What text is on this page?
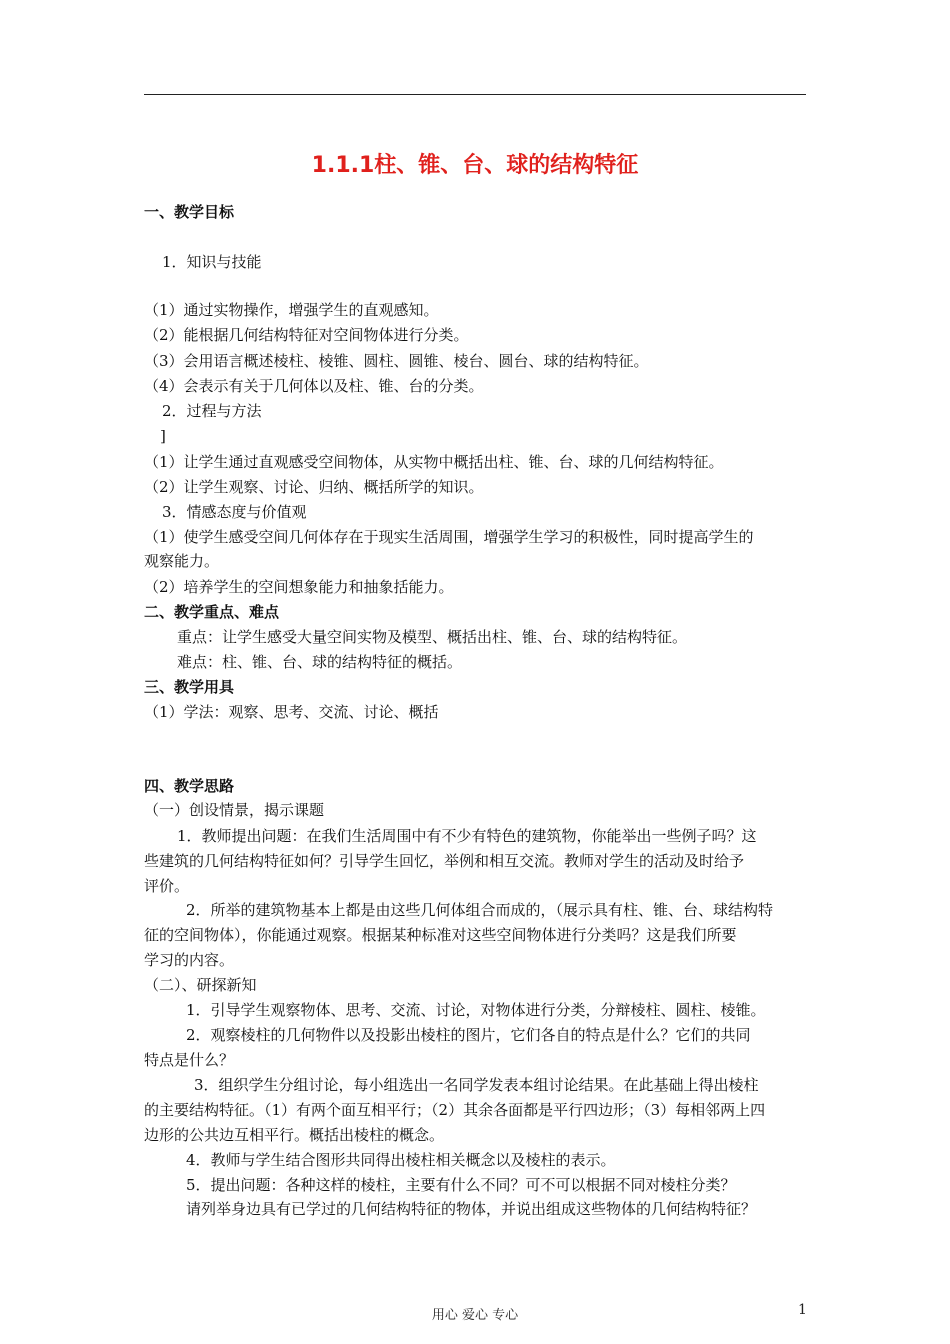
1.1.1柱、锥、台、球的结构特征
一、教学目标
1．知识与技能
（1）通过实物操作，增强学生的直观感知。
（2）能根据几何结构特征对空间物体进行分类。
（3）会用语言概述棱柱、棱锥、圆柱、圆锥、棱台、圆台、球的结构特征。
（4）会表示有关于几何体以及柱、锥、台的分类。
2．过程与方法
]
（1）让学生通过直观感受空间物体，从实物中概括出柱、锥、台、球的几何结构特征。
（2）让学生观察、讨论、归纳、概括所学的知识。
3．情感态度与价值观
（1）使学生感受空间几何体存在于现实生活周围，增强学生学习的积极性，同时提高学生的
观察能力。
（2）培养学生的空间想象能力和抽象括能力。
二、教学重点、难点
重点：让学生感受大量空间实物及模型、概括出柱、锥、台、球的结构特征。
难点：柱、锥、台、球的结构特征的概括。
三、教学用具
（1）学法：观察、思考、交流、讨论、概括
四、教学思路
（一）创设情景，揭示课题
1．教师提出问题：在我们生活周围中有不少有特色的建筑物，你能举出一些例子吗？这
些建筑的几何结构特征如何？引导学生回忆，举例和相互交流。教师对学生的活动及时给予
评价。
2．所举的建筑物基本上都是由这些几何体组合而成的，（展示具有柱、锥、台、球结构特
征的空间物体），你能通过观察。根据某种标准对这些空间物体进行分类吗？这是我们所要
学习的内容。
（二）、研探新知
1．引导学生观察物体、思考、交流、讨论，对物体进行分类，分辩棱柱、圆柱、棱锥。
2．观察棱柱的几何物件以及投影出棱柱的图片，它们各自的特点是什么？它们的共同
特点是什么？
3．组织学生分组讨论，每小组选出一名同学发表本组讨论结果。在此基础上得出棱柱
的主要结构特征。（1）有两个面互相平行；（2）其余各面都是平行四边形；（3）每相邻两上四
边形的公共边互相平行。概括出棱柱的概念。
4．教师与学生结合图形共同得出棱柱相关概念以及棱柱的表示。
5．提出问题：各种这样的棱柱，主要有什么不同？可不可以根据不同对棱柱分类？
请列举身边具有已学过的几何结构特征的物体，并说出组成这些物体的几何结构特征？
用心 爱心 专心	1
